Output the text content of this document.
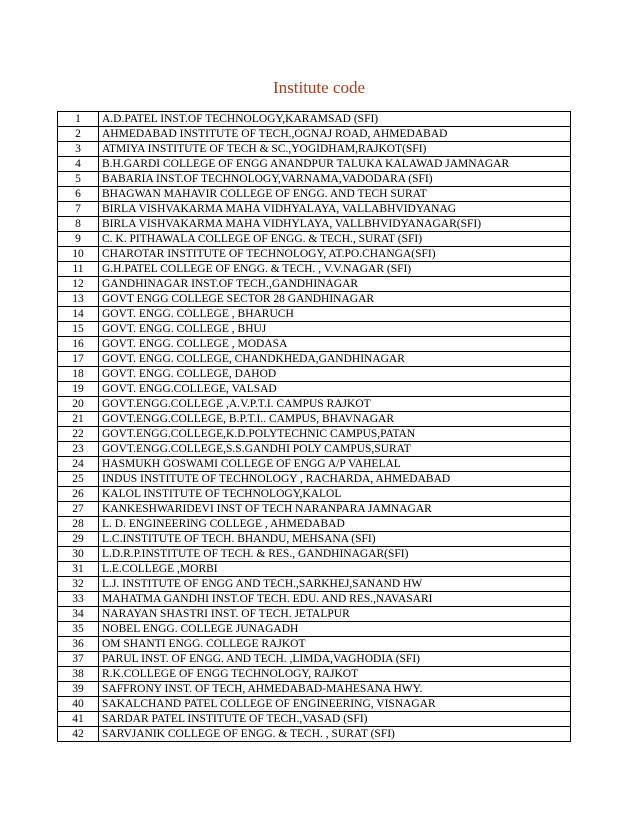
Institute code
1	A.D.PATEL INST.OF TECHNOLOGY,KARAMSAD (SFI)
2	AHMEDABAD INSTITUTE OF TECH.,OGNAJ ROAD, AHMEDABAD
3	ATMIYA INSTITUTE OF TECH & SC.,YOGIDHAM,RAJKOT(SFI)
4	B.H.GARDI COLLEGE OF ENGG ANANDPUR TALUKA KALAWAD JAMNAGAR
5	BABARIA INST.OF TECHNOLOGY,VARNAMA,VADODARA (SFI)
6	BHAGWAN MAHAVIR COLLEGE OF ENGG. AND TECH SURAT
7	BIRLA VISHVAKARMA MAHA VIDHYALAYA, VALLABHVIDYANAG
8	BIRLA VISHVAKARMA MAHA VIDHYLAYA, VALLBHVIDYANAGAR(SFI)
9	C. K. PITHAWALA COLLEGE OF ENGG. & TECH., SURAT (SFI)
10	CHAROTAR INSTITUTE OF TECHNOLOGY, AT.PO.CHANGA(SFI)
11	G.H.PATEL COLLEGE OF ENGG. & TECH. , V.V.NAGAR (SFI)
12	GANDHINAGAR INST.OF TECH.,GANDHINAGAR
13	GOVT ENGG COLLEGE SECTOR 28 GANDHINAGAR
14	GOVT. ENGG. COLLEGE , BHARUCH
15	GOVT. ENGG. COLLEGE , BHUJ
16	GOVT. ENGG. COLLEGE , MODASA
17	GOVT. ENGG. COLLEGE, CHANDKHEDA,GANDHINAGAR
18	GOVT. ENGG. COLLEGE, DAHOD
19	GOVT. ENGG.COLLEGE, VALSAD
20	GOVT.ENGG.COLLEGE ,A.V.P.T.I. CAMPUS RAJKOT
21	GOVT.ENGG.COLLEGE, B.P.T.I.. CAMPUS, BHAVNAGAR
22	GOVT.ENGG.COLLEGE,K.D.POLYTECHNIC CAMPUS,PATAN
23	GOVT.ENGG.COLLEGE,S.S.GANDHI POLY CAMPUS,SURAT
24	HASMUKH GOSWAMI COLLEGE OF ENGG A/P VAHELAL
25	INDUS INSTITUTE OF TECHNOLOGY , RACHARDA, AHMEDABAD
26	KALOL INSTITUTE OF TECHNOLOGY,KALOL
27	KANKESHWARIDEVI INST OF TECH NARANPARA JAMNAGAR
28	L. D. ENGINEERING COLLEGE , AHMEDABAD
29	L.C.INSTITUTE OF TECH. BHANDU, MEHSANA (SFI)
30	L.D.R.P.INSTITUTE OF TECH. & RES., GANDHINAGAR(SFI)
31	L.E.COLLEGE ,MORBI
32	L.J. INSTITUTE OF ENGG AND TECH.,SARKHEJ,SANAND HW
33	MAHATMA GANDHI INST.OF TECH. EDU. AND RES.,NAVASARI
34	NARAYAN SHASTRI INST. OF TECH. JETALPUR
35	NOBEL ENGG. COLLEGE JUNAGADH
36	OM SHANTI ENGG. COLLEGE RAJKOT
37	PARUL INST. OF ENGG. AND TECH. ,LIMDA,VAGHODIA (SFI)
38	R.K.COLLEGE OF ENGG TECHNOLOGY, RAJKOT
39	SAFFRONY INST. OF TECH, AHMEDABAD-MAHESANA HWY.
40	SAKALCHAND PATEL COLLEGE OF ENGINEERING, VISNAGAR
41	SARDAR PATEL INSTITUTE OF TECH.,VASAD (SFI)
42	SARVJANIK COLLEGE OF ENGG. & TECH. , SURAT (SFI)
